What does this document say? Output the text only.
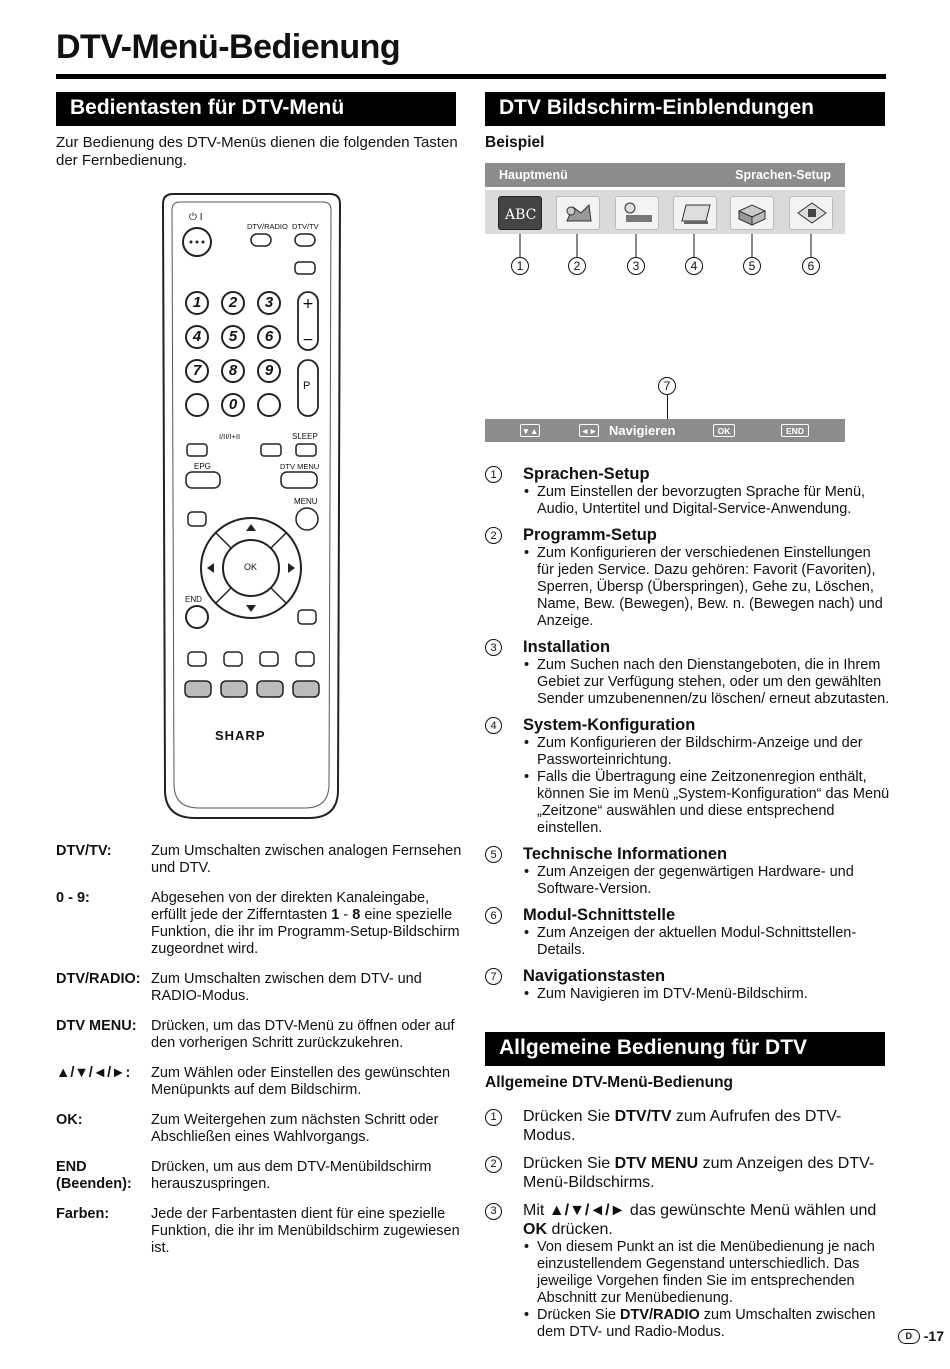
DTV-Menü-Bedienung
Bedientasten für DTV-Menü
Zur Bedienung des DTV-Menüs dienen die folgenden Tasten der Fernbedienung.
+
−
⏻ I
DTV/RADIO DTV/TV
1	2	3
4	5	6
7	8	9
0
P
I/II/I+II	SLEEP
EPG	DTV MENU
MENU
OK
END
SHARP
DTV/TV:	Zum Umschalten zwischen analogen Fernsehen und DTV.
0 - 9:	Abgesehen von der direkten Kanaleingabe, erfüllt jede der Zifferntasten 1 - 8 eine spezielle Funktion, die ihr im Programm-Setup-Bildschirm zugeordnet wird.
DTV/RADIO: Zum Umschalten zwischen dem DTV- und RADIO-Modus.
DTV MENU: Drücken, um das DTV-Menü zu öffnen oder auf den vorherigen Schritt zurückzukehren.
▲/▼/◄/►:	Zum Wählen oder Einstellen des gewünschten Menüpunkts auf dem Bildschirm.
OK:	Zum Weitergehen zum nächsten Schritt oder Abschließen eines Wahlvorgangs.
END (Beenden):
Drücken, um aus dem DTV-Menübildschirm herauszuspringen.
Farben:	Jede der Farbentasten dient für eine spezielle Funktion, die ihr im Menübildschirm zugewiesen ist.
DTV Bildschirm-Einblendungen
Beispiel
Hauptmenü	Sprachen-Setup
ABC
1	2	3	4	5	6
7
▼▲	◄► Navigieren	OK	END
1	Sprachen-Setup
• Zum Einstellen der bevorzugten Sprache für Menü, Audio, Untertitel und Digital-Service-Anwendung.
2	Programm-Setup
• Zum Konfigurieren der verschiedenen Einstellungen für jeden Service. Dazu gehören: Favorit (Favoriten), Sperren, Übersp (Überspringen), Gehe zu, Löschen, Name, Bew. (Bewegen), Bew. n. (Bewegen nach) und Anzeige.
3	Installation
• Zum Suchen nach den Dienstangeboten, die in Ihrem Gebiet zur Verfügung stehen, oder um den gewählten Sender umzubenennen/zu löschen/ erneut abzutasten.
4	System-Konfiguration
• Zum Konfigurieren der Bildschirm-Anzeige und der Passworteinrichtung.
• Falls die Übertragung eine Zeitzonenregion enthält, können Sie im Menü „System-Konfiguration“ das Menü „Zeitzone“ auswählen und diese entsprechend einstellen.
5	Technische Informationen
• Zum Anzeigen der gegenwärtigen Hardware- und Software-Version.
6	Modul-Schnittstelle
• Zum Anzeigen der aktuellen Modul-Schnittstellen-Details.
7	Navigationstasten
• Zum Navigieren im DTV-Menü-Bildschirm.
Allgemeine Bedienung für DTV
Allgemeine DTV-Menü-Bedienung
1	Drücken Sie DTV/TV zum Aufrufen des DTV-Modus.
2	Drücken Sie DTV MENU zum Anzeigen des DTV-Menü-Bildschirms.
3	Mit ▲/▼/◄/► das gewünschte Menü wählen und OK drücken.
• Von diesem Punkt an ist die Menübedienung je nach einzustellendem Gegenstand unterschiedlich. Das jeweilige Vorgehen finden Sie im entsprechenden Abschnitt zur Menübedienung.
• Drücken Sie DTV/RADIO zum Umschalten zwischen dem DTV- und Radio-Modus.	D -17
